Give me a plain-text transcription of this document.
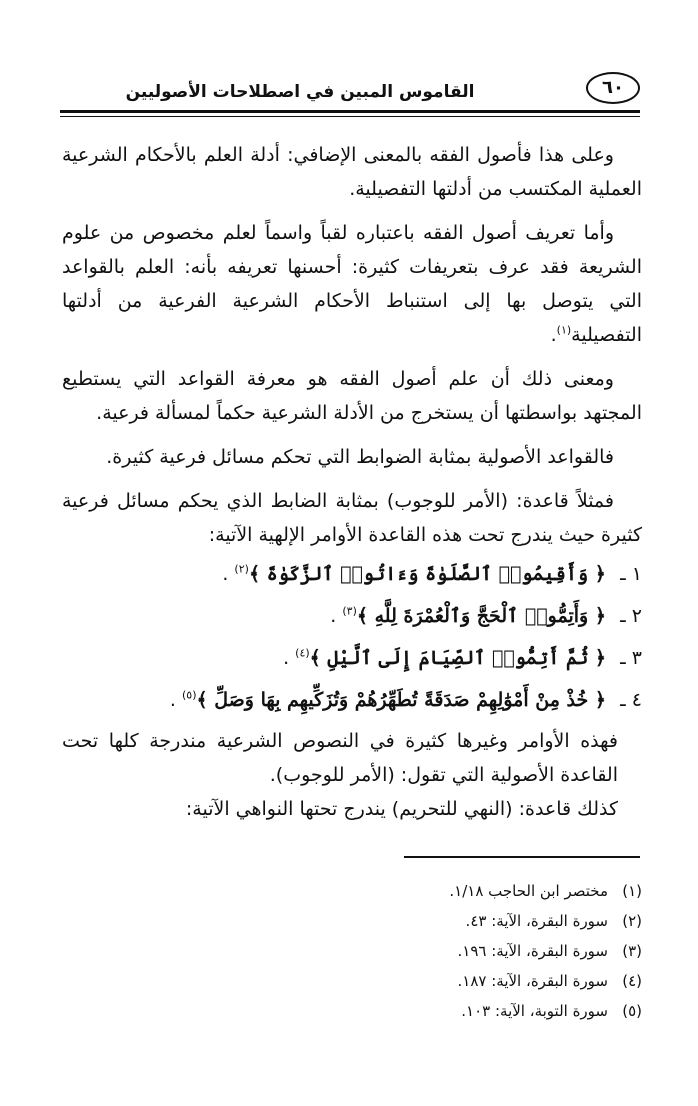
القاموس المبين في اصطلاحات الأصوليين	٦٠

وعلى هذا فأصول الفقه بالمعنى الإضافي: أدلة العلم بالأحكام الشرعية العملية المكتسب من أدلتها التفصيلية.

وأما تعريف أصول الفقه باعتباره لقباً واسماً لعلم مخصوص من علوم الشريعة فقد عرف بتعريفات كثيرة: أحسنها تعريفه بأنه: العلم بالقواعد التي يتوصل بها إلى استنباط الأحكام الشرعية الفرعية من أدلتها التفصيلية$^{(١)}$.

ومعنى ذلك أن علم أصول الفقه هو معرفة القواعد التي يستطيع المجتهد بواسطتها أن يستخرج من الأدلة الشرعية حكماً لمسألة فرعية.

فالقواعد الأصولية بمثابة الضوابط التي تحكم مسائل فرعية كثيرة.

فمثلاً قاعدة: (الأمر للوجوب) بمثابة الضابط الذي يحكم مسائل فرعية كثيرة حيث يندرج تحت هذه القاعدة الأوامر الإلهية الآتية:

١ ـ ﴿ وَأَقِيمُوا۟ ٱلصَّلَوٰةَ وَءَاتُوا۟ ٱلزَّكَوٰةَ ﴾$^{(٢)}$ .
٢ ـ ﴿ وَأَتِمُّوا۟ ٱلْحَجَّ وَٱلْعُمْرَةَ لِلَّهِ ﴾$^{(٣)}$ .
٣ ـ ﴿ ثُمَّ أَتِمُّوا۟ ٱلصِّيَامَ إِلَى ٱلَّيْلِ ﴾$^{(٤)}$ .
٤ ـ ﴿ خُذْ مِنْ أَمْوَٰلِهِمْ صَدَقَةً تُطَهِّرُهُمْ وَتُزَكِّيهِم بِهَا وَصَلِّ ﴾$^{(٥)}$ .

فهذه الأوامر وغيرها كثيرة في النصوص الشرعية مندرجة كلها تحت القاعدة الأصولية التي تقول: (الأمر للوجوب).

كذلك قاعدة: (النهي للتحريم) يندرج تحتها النواهي الآتية:

(١)مختصر ابن الحاجب ١/١٨.

(٢)سورة البقرة، الآية: ٤٣.

(٣)سورة البقرة، الآية: ١٩٦.

(٤)سورة البقرة، الآية: ١٨٧.

(٥)سورة التوبة، الآية: ١٠٣.
